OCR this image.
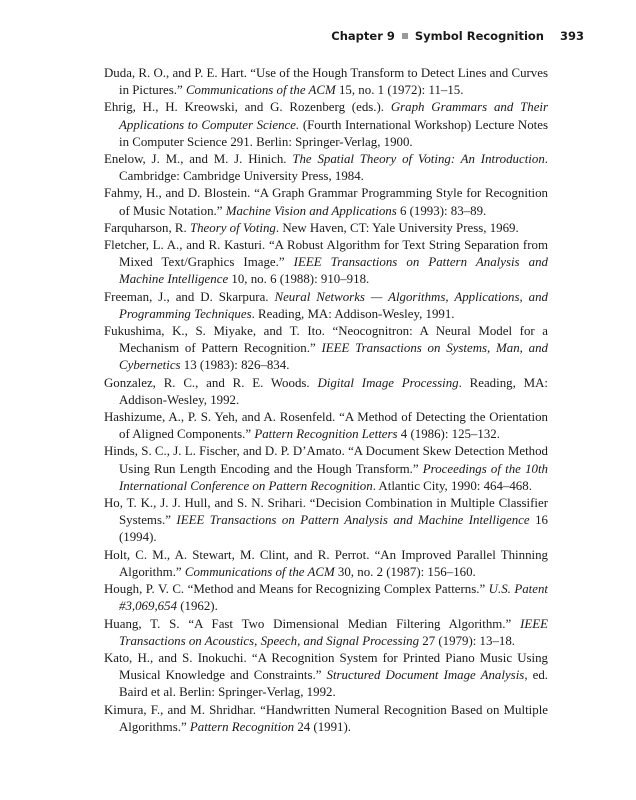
Chapter 9 Symbol Recognition 393
Duda, R. O., and P. E. Hart. “Use of the Hough Transform to Detect Lines and Curves in Pictures.” Communications of the ACM 15, no. 1 (1972): 11–15.
Ehrig, H., H. Kreowski, and G. Rozenberg (eds.). Graph Grammars and Their Applications to Computer Science. (Fourth International Workshop) Lecture Notes in Computer Science 291. Berlin: Springer-Verlag, 1900.
Enelow, J. M., and M. J. Hinich. The Spatial Theory of Voting: An Introduction. Cambridge: Cambridge University Press, 1984.
Fahmy, H., and D. Blostein. “A Graph Grammar Programming Style for Recognition of Music Notation.” Machine Vision and Applications 6 (1993): 83–89.
Farquharson, R. Theory of Voting. New Haven, CT: Yale University Press, 1969.
Fletcher, L. A., and R. Kasturi. “A Robust Algorithm for Text String Separation from Mixed Text/Graphics Image.” IEEE Transactions on Pattern Analysis and Machine Intelligence 10, no. 6 (1988): 910–918.
Freeman, J., and D. Skarpura. Neural Networks — Algorithms, Applications, and Programming Techniques. Reading, MA: Addison-Wesley, 1991.
Fukushima, K., S. Miyake, and T. Ito. “Neocognitron: A Neural Model for a Mechanism of Pattern Recognition.” IEEE Transactions on Systems, Man, and Cybernetics 13 (1983): 826–834.
Gonzalez, R. C., and R. E. Woods. Digital Image Processing. Reading, MA: Addison-Wesley, 1992.
Hashizume, A., P. S. Yeh, and A. Rosenfeld. “A Method of Detecting the Orientation of Aligned Components.” Pattern Recognition Letters 4 (1986): 125–132.
Hinds, S. C., J. L. Fischer, and D. P. D’Amato. “A Document Skew Detection Method Using Run Length Encoding and the Hough Transform.” Proceedings of the 10th International Conference on Pattern Recognition. Atlantic City, 1990: 464–468.
Ho, T. K., J. J. Hull, and S. N. Srihari. “Decision Combination in Multiple Classifier Systems.” IEEE Transactions on Pattern Analysis and Machine Intelligence 16 (1994).
Holt, C. M., A. Stewart, M. Clint, and R. Perrot. “An Improved Parallel Thinning Algorithm.” Communications of the ACM 30, no. 2 (1987): 156–160.
Hough, P. V. C. “Method and Means for Recognizing Complex Patterns.” U.S. Patent #3,069,654 (1962).
Huang, T. S. “A Fast Two Dimensional Median Filtering Algorithm.” IEEE Transactions on Acoustics, Speech, and Signal Processing 27 (1979): 13–18.
Kato, H., and S. Inokuchi. “A Recognition System for Printed Piano Music Using Musical Knowledge and Constraints.” Structured Document Image Analysis, ed. Baird et al. Berlin: Springer-Verlag, 1992.
Kimura, F., and M. Shridhar. “Handwritten Numeral Recognition Based on Multiple Algorithms.” Pattern Recognition 24 (1991).
